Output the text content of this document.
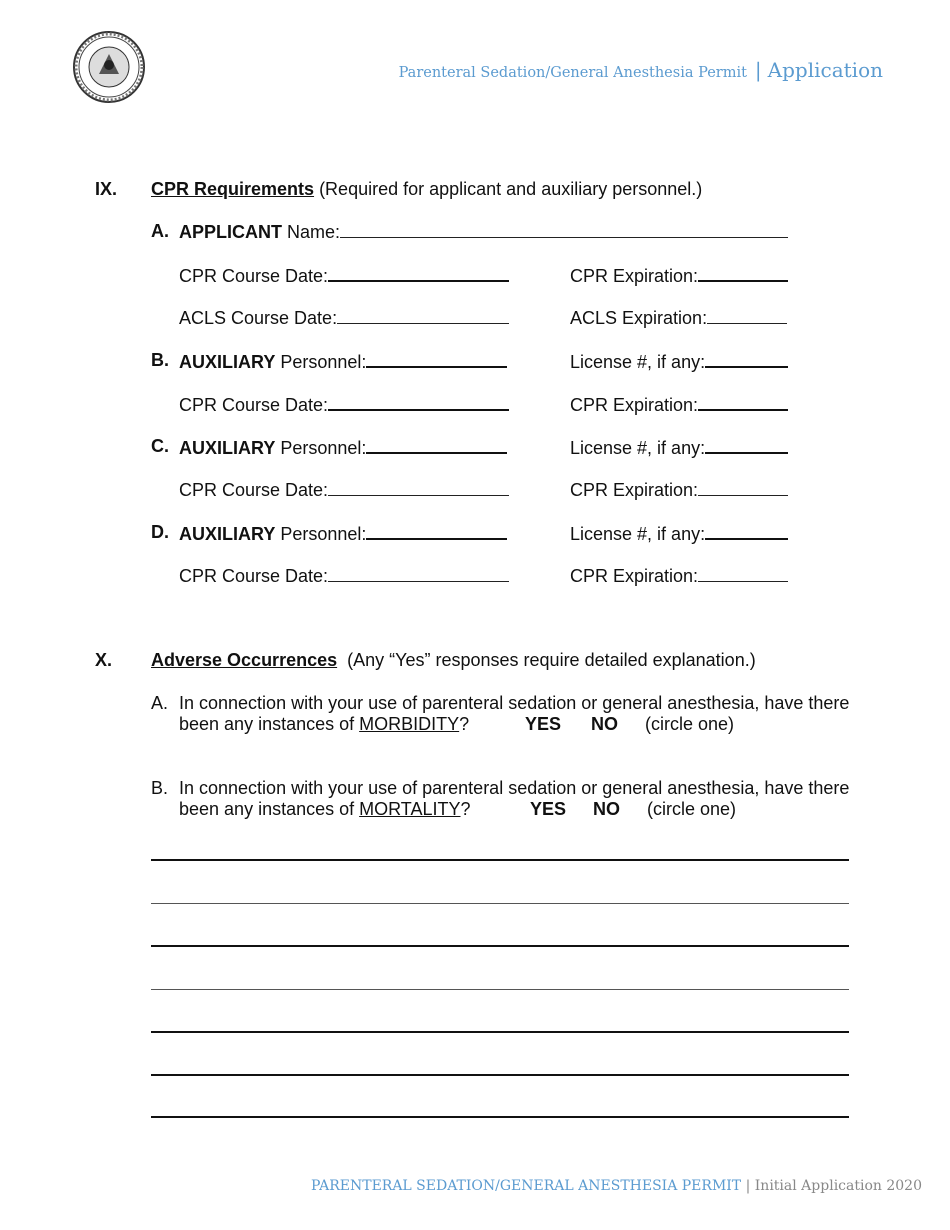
Parenteral Sedation/General Anesthesia Permit | Application
IX. CPR Requirements (Required for applicant and auxiliary personnel.)
A. APPLICANT Name:
CPR Course Date:	CPR Expiration:
ACLS Course Date:	ACLS Expiration:
B. AUXILIARY Personnel:	License #, if any:
CPR Course Date:	CPR Expiration:
C. AUXILIARY Personnel:	License #, if any:
CPR Course Date:	CPR Expiration:
D. AUXILIARY Personnel:	License #, if any:
CPR Course Date:	CPR Expiration:
X. Adverse Occurrences (Any “Yes” responses require detailed explanation.)
A. In connection with your use of parenteral sedation or general anesthesia, have there
been any instances of MORBIDITY?	YES NO (circle one)
B. In connection with your use of parenteral sedation or general anesthesia, have there
been any instances of MORTALITY?	YES NO (circle one)
PARENTERAL SEDATION/GENERAL ANESTHESIA PERMIT | Initial Application 2020
